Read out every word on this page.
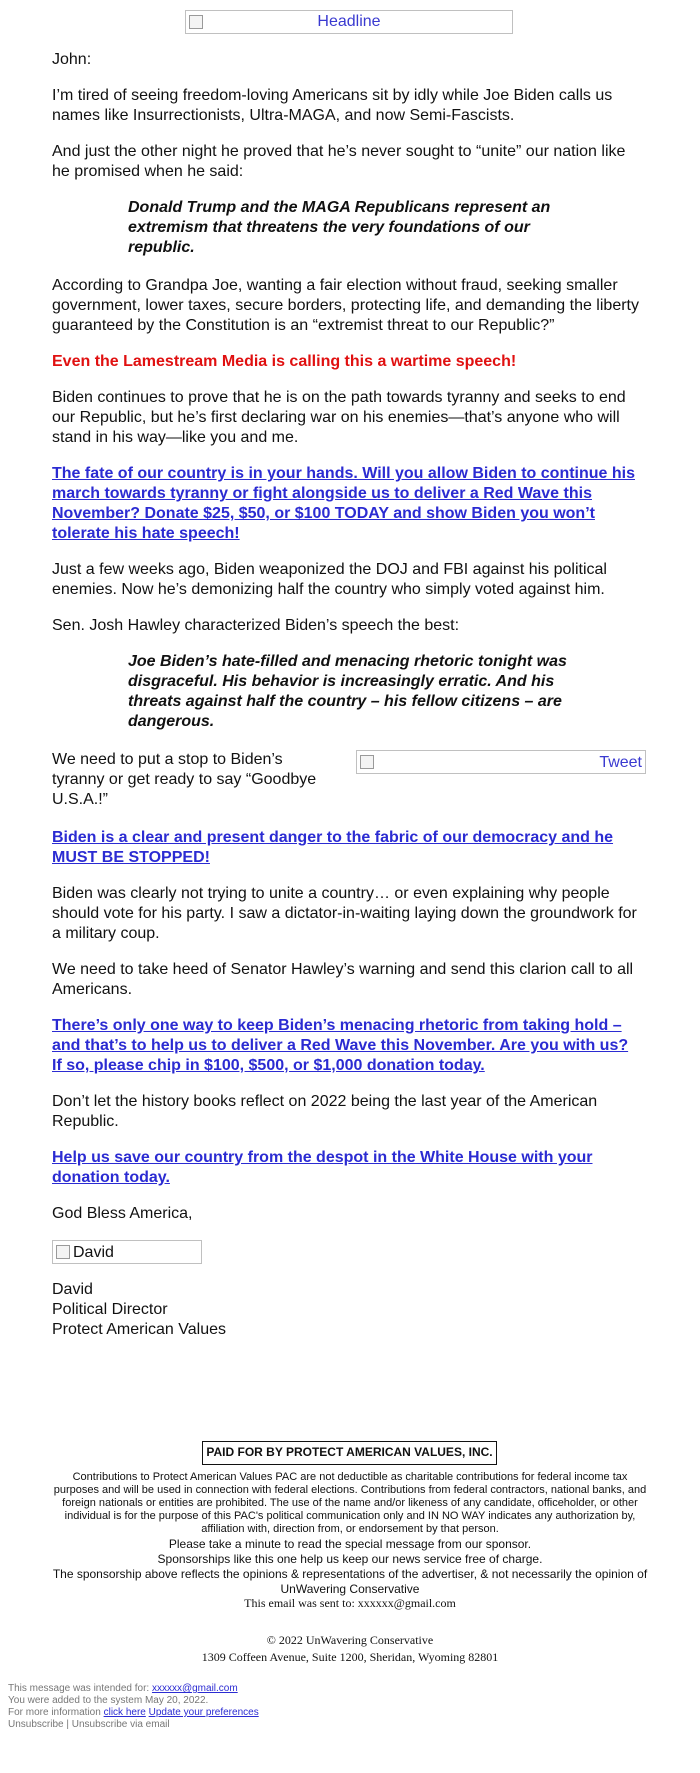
Headline

John:

I’m tired of seeing freedom-loving Americans sit by idly while Joe Biden calls us names like Insurrectionists, Ultra-MAGA, and now Semi-Fascists.

And just the other night he proved that he’s never sought to “unite” our nation like he promised when he said:

Donald Trump and the MAGA Republicans represent an extremism that threatens the very foundations of our republic.

According to Grandpa Joe, wanting a fair election without fraud, seeking smaller government, lower taxes, secure borders, protecting life, and demanding the liberty guaranteed by the Constitution is an “extremist threat to our Republic?”

Even the Lamestream Media is calling this a wartime speech!

Biden continues to prove that he is on the path towards tyranny and seeks to end our Republic, but he’s first declaring war on his enemies—that’s anyone who will stand in his way—like you and me.

The fate of our country is in your hands. Will you allow Biden to continue his march towards tyranny or fight alongside us to deliver a Red Wave this November? Donate $25, $50, or $100 TODAY and show Biden you won’t tolerate his hate speech!

Just a few weeks ago, Biden weaponized the DOJ and FBI against his political enemies. Now he’s demonizing half the country who simply voted against him.

Sen. Josh Hawley characterized Biden’s speech the best:

Joe Biden’s hate-filled and menacing rhetoric tonight was disgraceful. His behavior is increasingly erratic. And his threats against half the country – his fellow citizens – are dangerous.

We need to put a stop to Biden’s tyranny or get ready to say “Goodbye U.S.A.!”
Tweet

Biden is a clear and present danger to the fabric of our democracy and he MUST BE STOPPED!

Biden was clearly not trying to unite a country… or even explaining why people should vote for his party. I saw a dictator-in-waiting laying down the groundwork for a military coup.

We need to take heed of Senator Hawley’s warning and send this clarion call to all Americans.

There’s only one way to keep Biden’s menacing rhetoric from taking hold – and that’s to help us to deliver a Red Wave this November. Are you with us? If so, please chip in $100, $500, or $1,000 donation today.

Don’t let the history books reflect on 2022 being the last year of the American Republic.

Help us save our country from the despot in the White House with your donation today.

God Bless America,

David

David

Political Director

Protect American Values

PAID FOR BY PROTECT AMERICAN VALUES, INC.
Contributions to Protect American Values PAC are not deductible as charitable contributions for federal income tax purposes and will be used in connection with federal elections. Contributions from federal contractors, national banks, and foreign nationals or entities are prohibited. The use of the name and/or likeness of any candidate, officeholder, or other individual is for the purpose of this PAC's political communication only and IN NO WAY indicates any authorization by, affiliation with, direction from, or endorsement by that person.
Please take a minute to read the special message from our sponsor.
Sponsorships like this one help us keep our news service free of charge.
The sponsorship above reflects the opinions & representations of the advertiser, & not necessarily the opinion of UnWavering Conservative
This email was sent to: xxxxxx@gmail.com
© 2022 UnWavering Conservative
1309 Coffeen Avenue, Suite 1200, Sheridan, Wyoming 82801
This message was intended for: xxxxxx@gmail.com
You were added to the system May 20, 2022.
For more information click here Update your preferences
Unsubscribe | Unsubscribe via email
